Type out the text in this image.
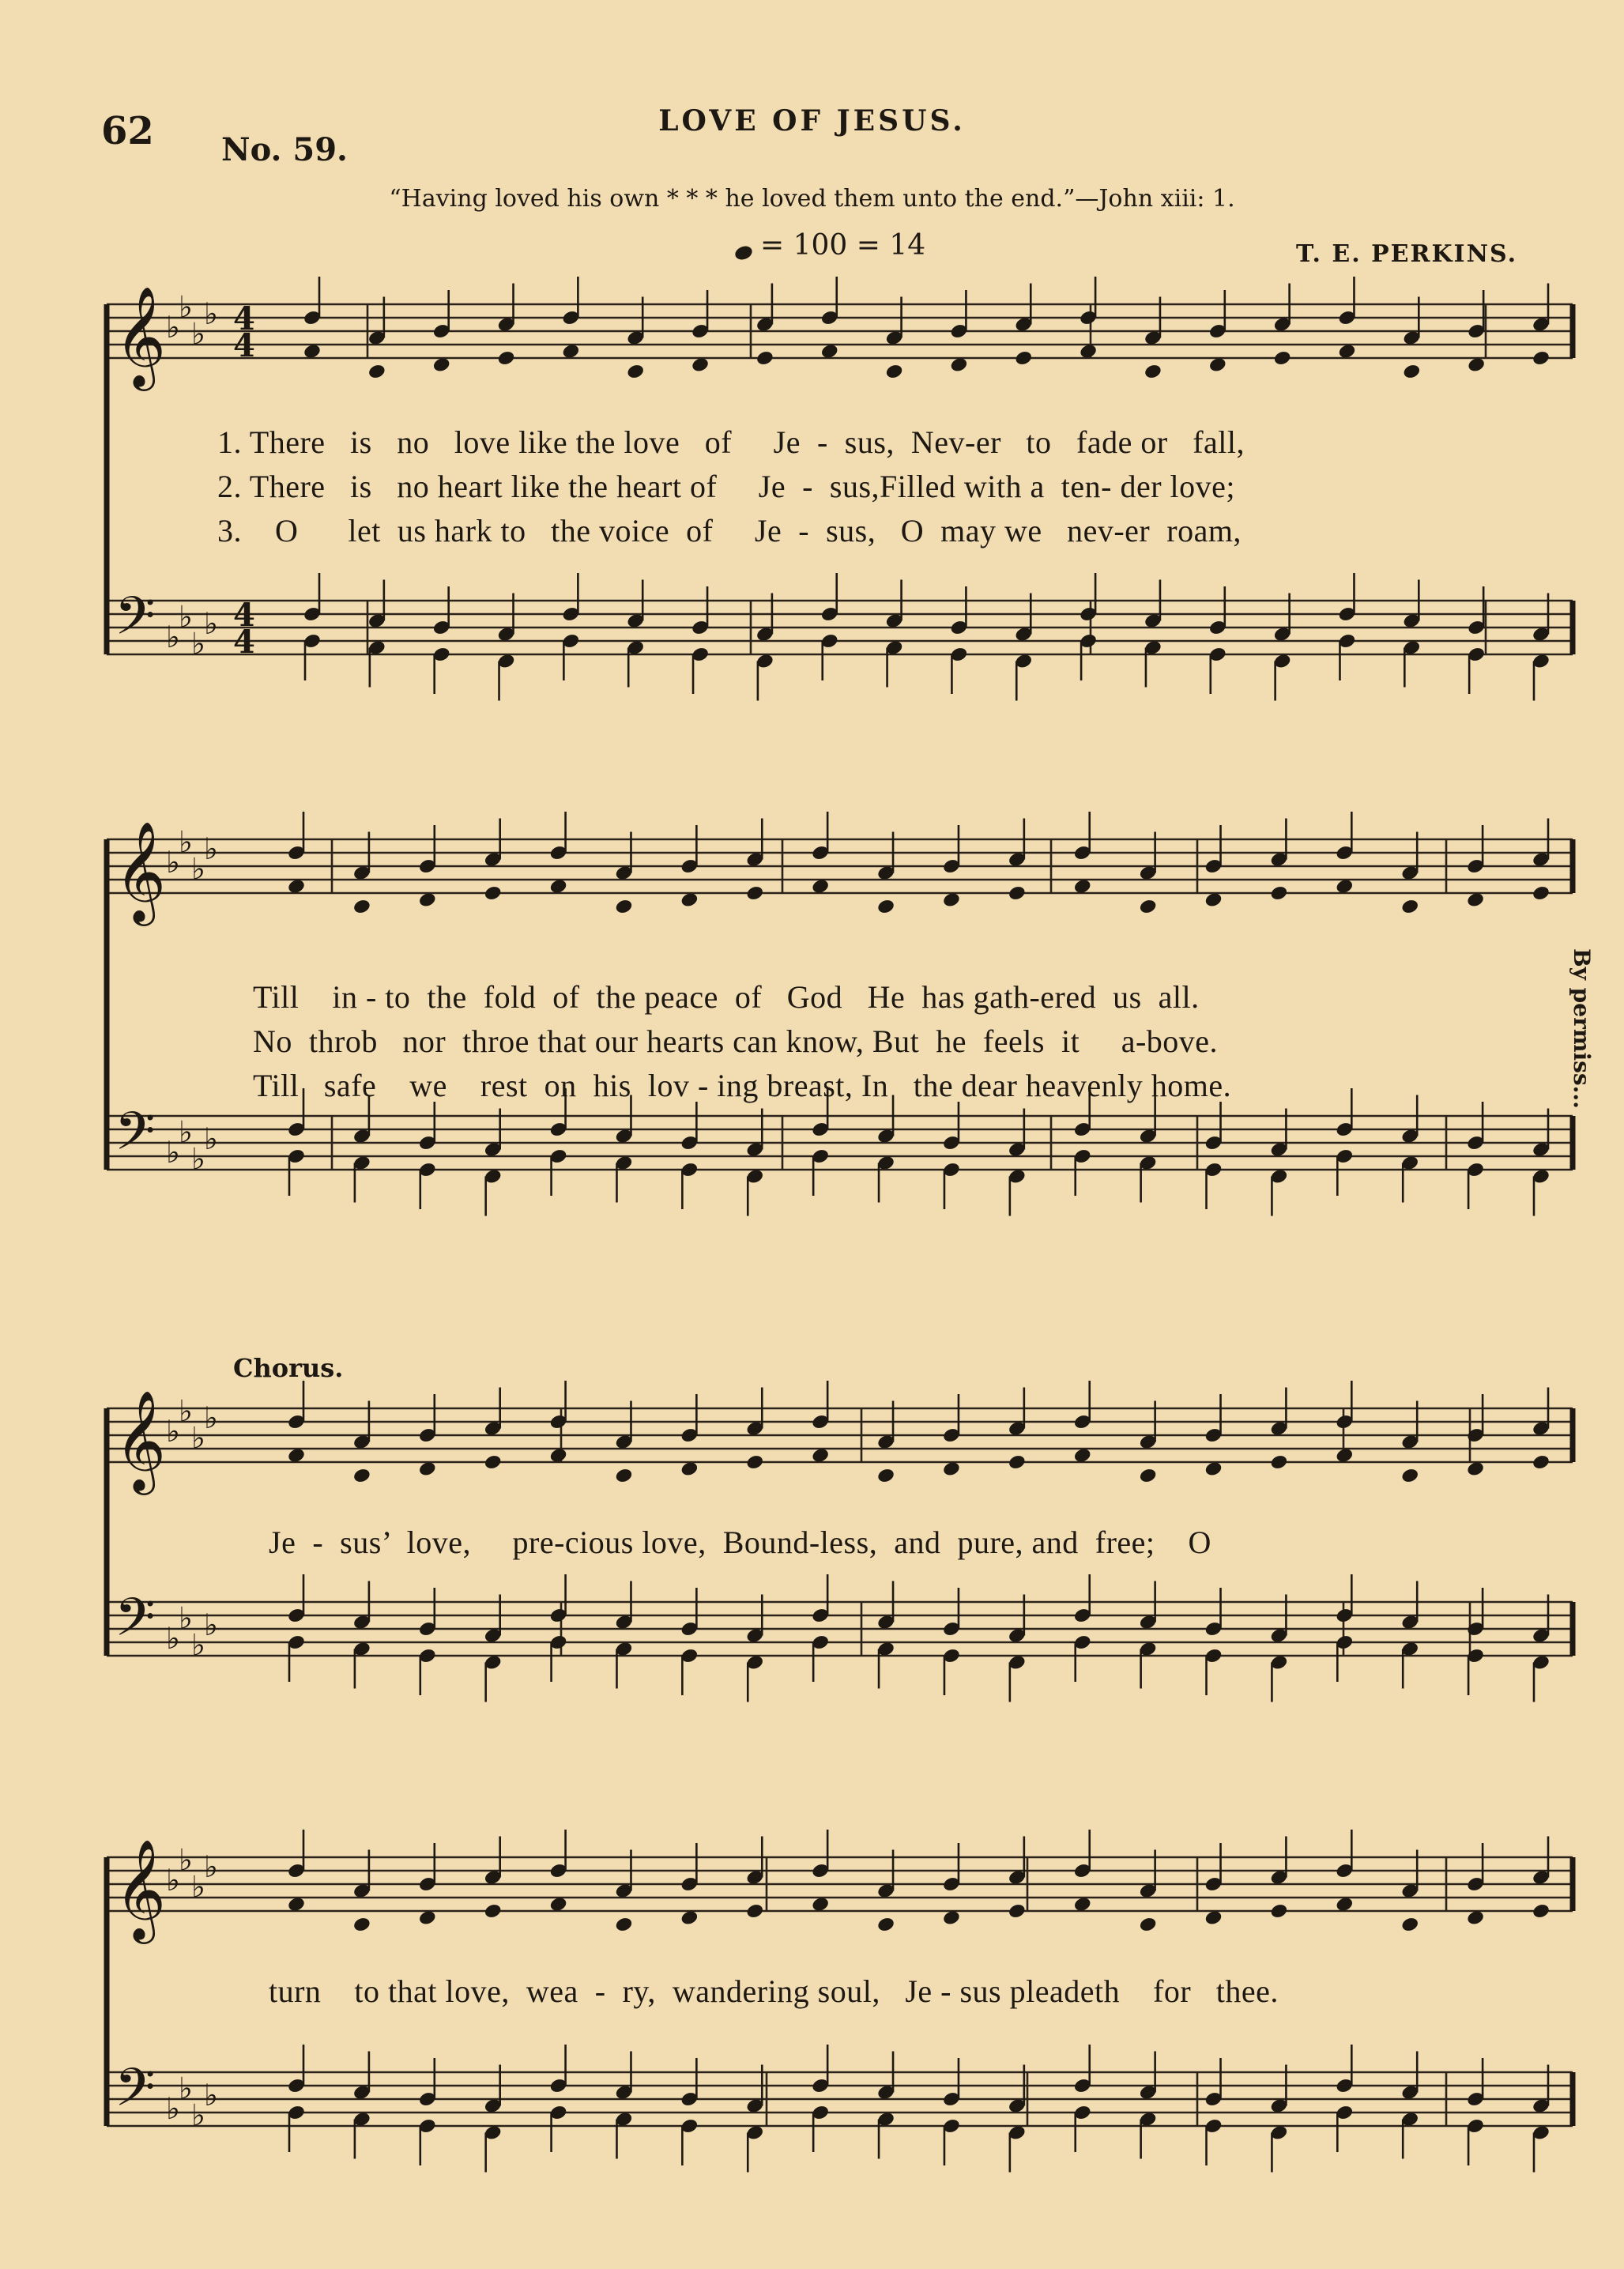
62 No. 59.
LOVE OF JESUS.
“Having loved his own * * * he loved them unto the end.”—John xiii: 1.
= 100 = 14	T. E. PERKINS.
By permiss...
Chorus.
1. There   is   no   love like the love   of     Je  -  sus,  Nev-er   to   fade or   fall,
2. There   is   no heart like the heart of     Je  -  sus,Filled with a  ten- der love;
3.    O      let  us hark to   the voice  of     Je  -  sus,   O  may we   nev-er  roam,
Till    in - to  the  fold  of  the peace  of   God   He  has gath-ered  us  all.
No  throb   nor  throe that our hearts can know, But  he  feels  it     a-bove.
Till   safe    we    rest  on  his  lov - ing breast, In   the dear heavenly home.
Je  -  sus’  love,     pre-cious love,  Bound-less,  and  pure, and  free;    O
turn    to that love,  wea  -  ry,  wandering soul,   Je - sus pleadeth    for   thee.
𝄞 ♭
♭
♭
♭ 4
4
𝄢 ♭
♭
♭
♭ 4
4
𝄞 ♭
♭
♭
♭
𝄢 ♭
♭
♭
♭
𝄞 ♭
♭
♭
♭
𝄢 ♭
♭
♭
♭
𝄞 ♭
♭
♭
♭
𝄢 ♭
♭
♭
♭
